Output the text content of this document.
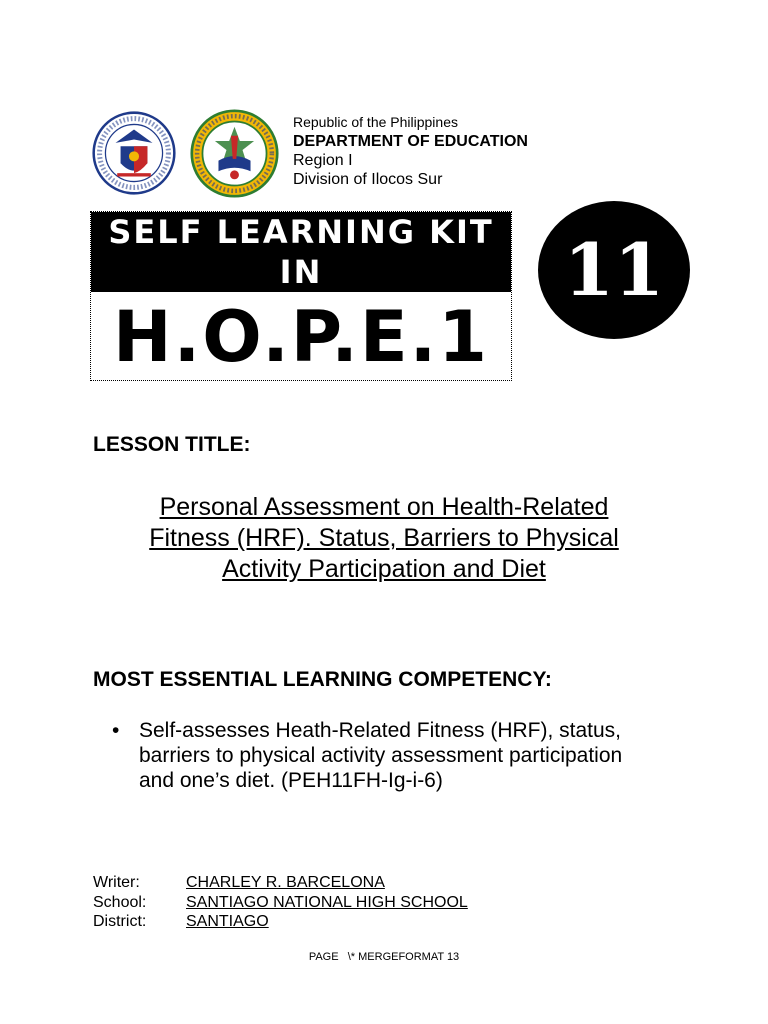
Republic of the Philippines
DEPARTMENT OF EDUCATION
Region I
Division of Ilocos Sur
SELF LEARNING KIT
IN
H.O.P.E.1
11
LESSON TITLE:
Personal Assessment on Health-Related
Fitness (HRF). Status, Barriers to Physical
Activity Participation and Diet
MOST ESSENTIAL LEARNING COMPETENCY:
• Self-assesses Heath-Related Fitness (HRF), status,
barriers to physical activity assessment participation
and one’s diet. (PEH11FH-Ig-i-6)
Writer:	CHARLEY R. BARCELONA
School: SANTIAGO NATIONAL HIGH SCHOOL
District: SANTIAGO
PAGE   \* MERGEFORMAT 13
